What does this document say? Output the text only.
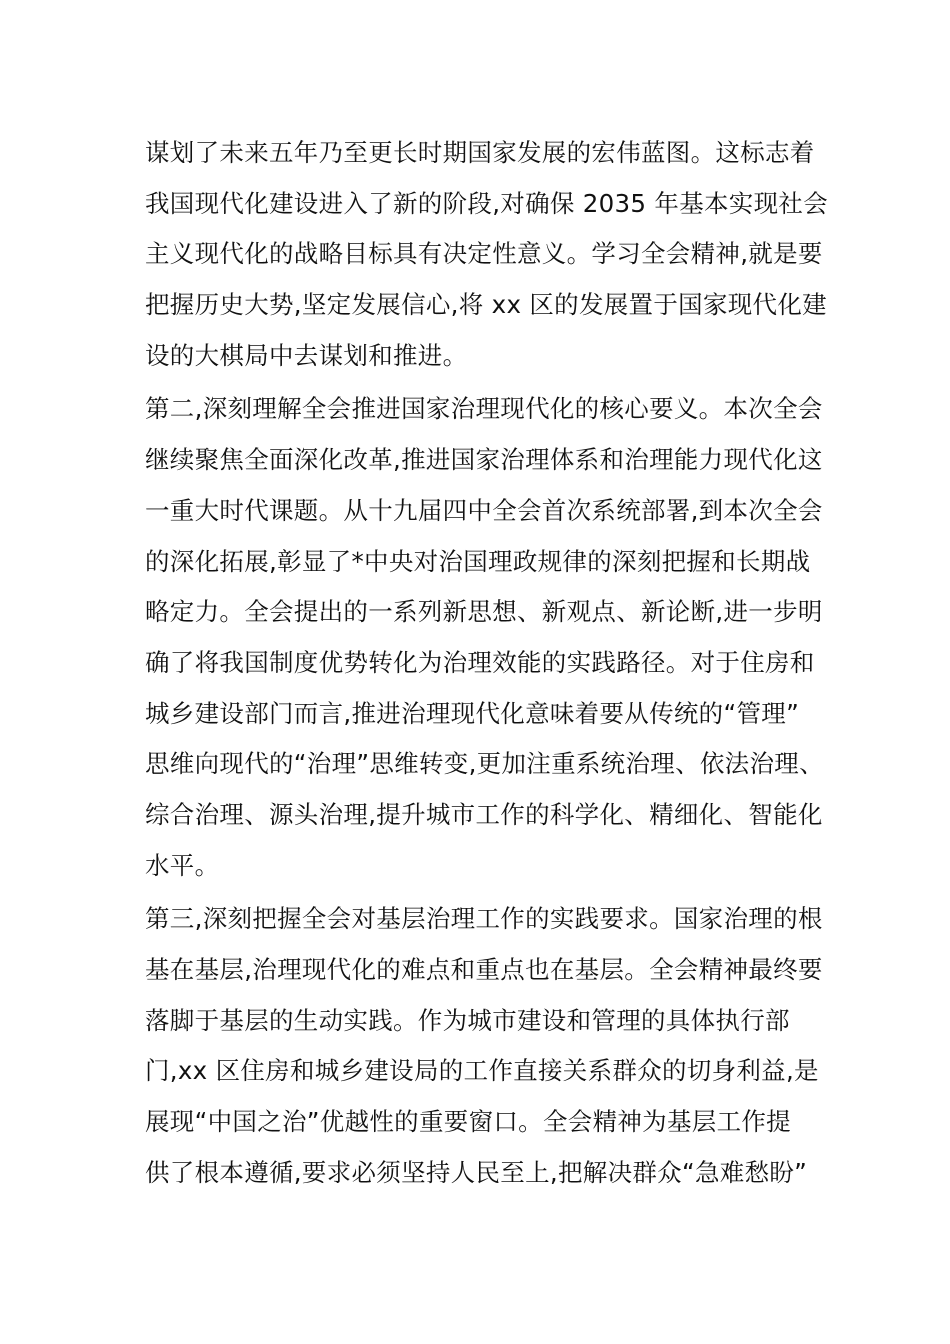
谋划了未来五年乃至更长时期国家发展的宏伟蓝图。这标志着
我国现代化建设进入了新的阶段,对确保 2035 年基本实现社会
主义现代化的战略目标具有决定性意义。学习全会精神,就是要
把握历史大势,坚定发展信心,将 xx 区的发展置于国家现代化建
设的大棋局中去谋划和推进。
第二,深刻理解全会推进国家治理现代化的核心要义。本次全会
继续聚焦全面深化改革,推进国家治理体系和治理能力现代化这
一重大时代课题。从十九届四中全会首次系统部署,到本次全会
的深化拓展,彰显了*中央对治国理政规律的深刻把握和长期战
略定力。全会提出的一系列新思想、新观点、新论断,进一步明
确了将我国制度优势转化为治理效能的实践路径。对于住房和
城乡建设部门而言,推进治理现代化意味着要从传统的“管理”
思维向现代的“治理”思维转变,更加注重系统治理、依法治理、
综合治理、源头治理,提升城市工作的科学化、精细化、智能化
水平。
第三,深刻把握全会对基层治理工作的实践要求。国家治理的根
基在基层,治理现代化的难点和重点也在基层。全会精神最终要
落脚于基层的生动实践。作为城市建设和管理的具体执行部
门,xx 区住房和城乡建设局的工作直接关系群众的切身利益,是
展现“中国之治”优越性的重要窗口。全会精神为基层工作提
供了根本遵循,要求必须坚持人民至上,把解决群众“急难愁盼”
